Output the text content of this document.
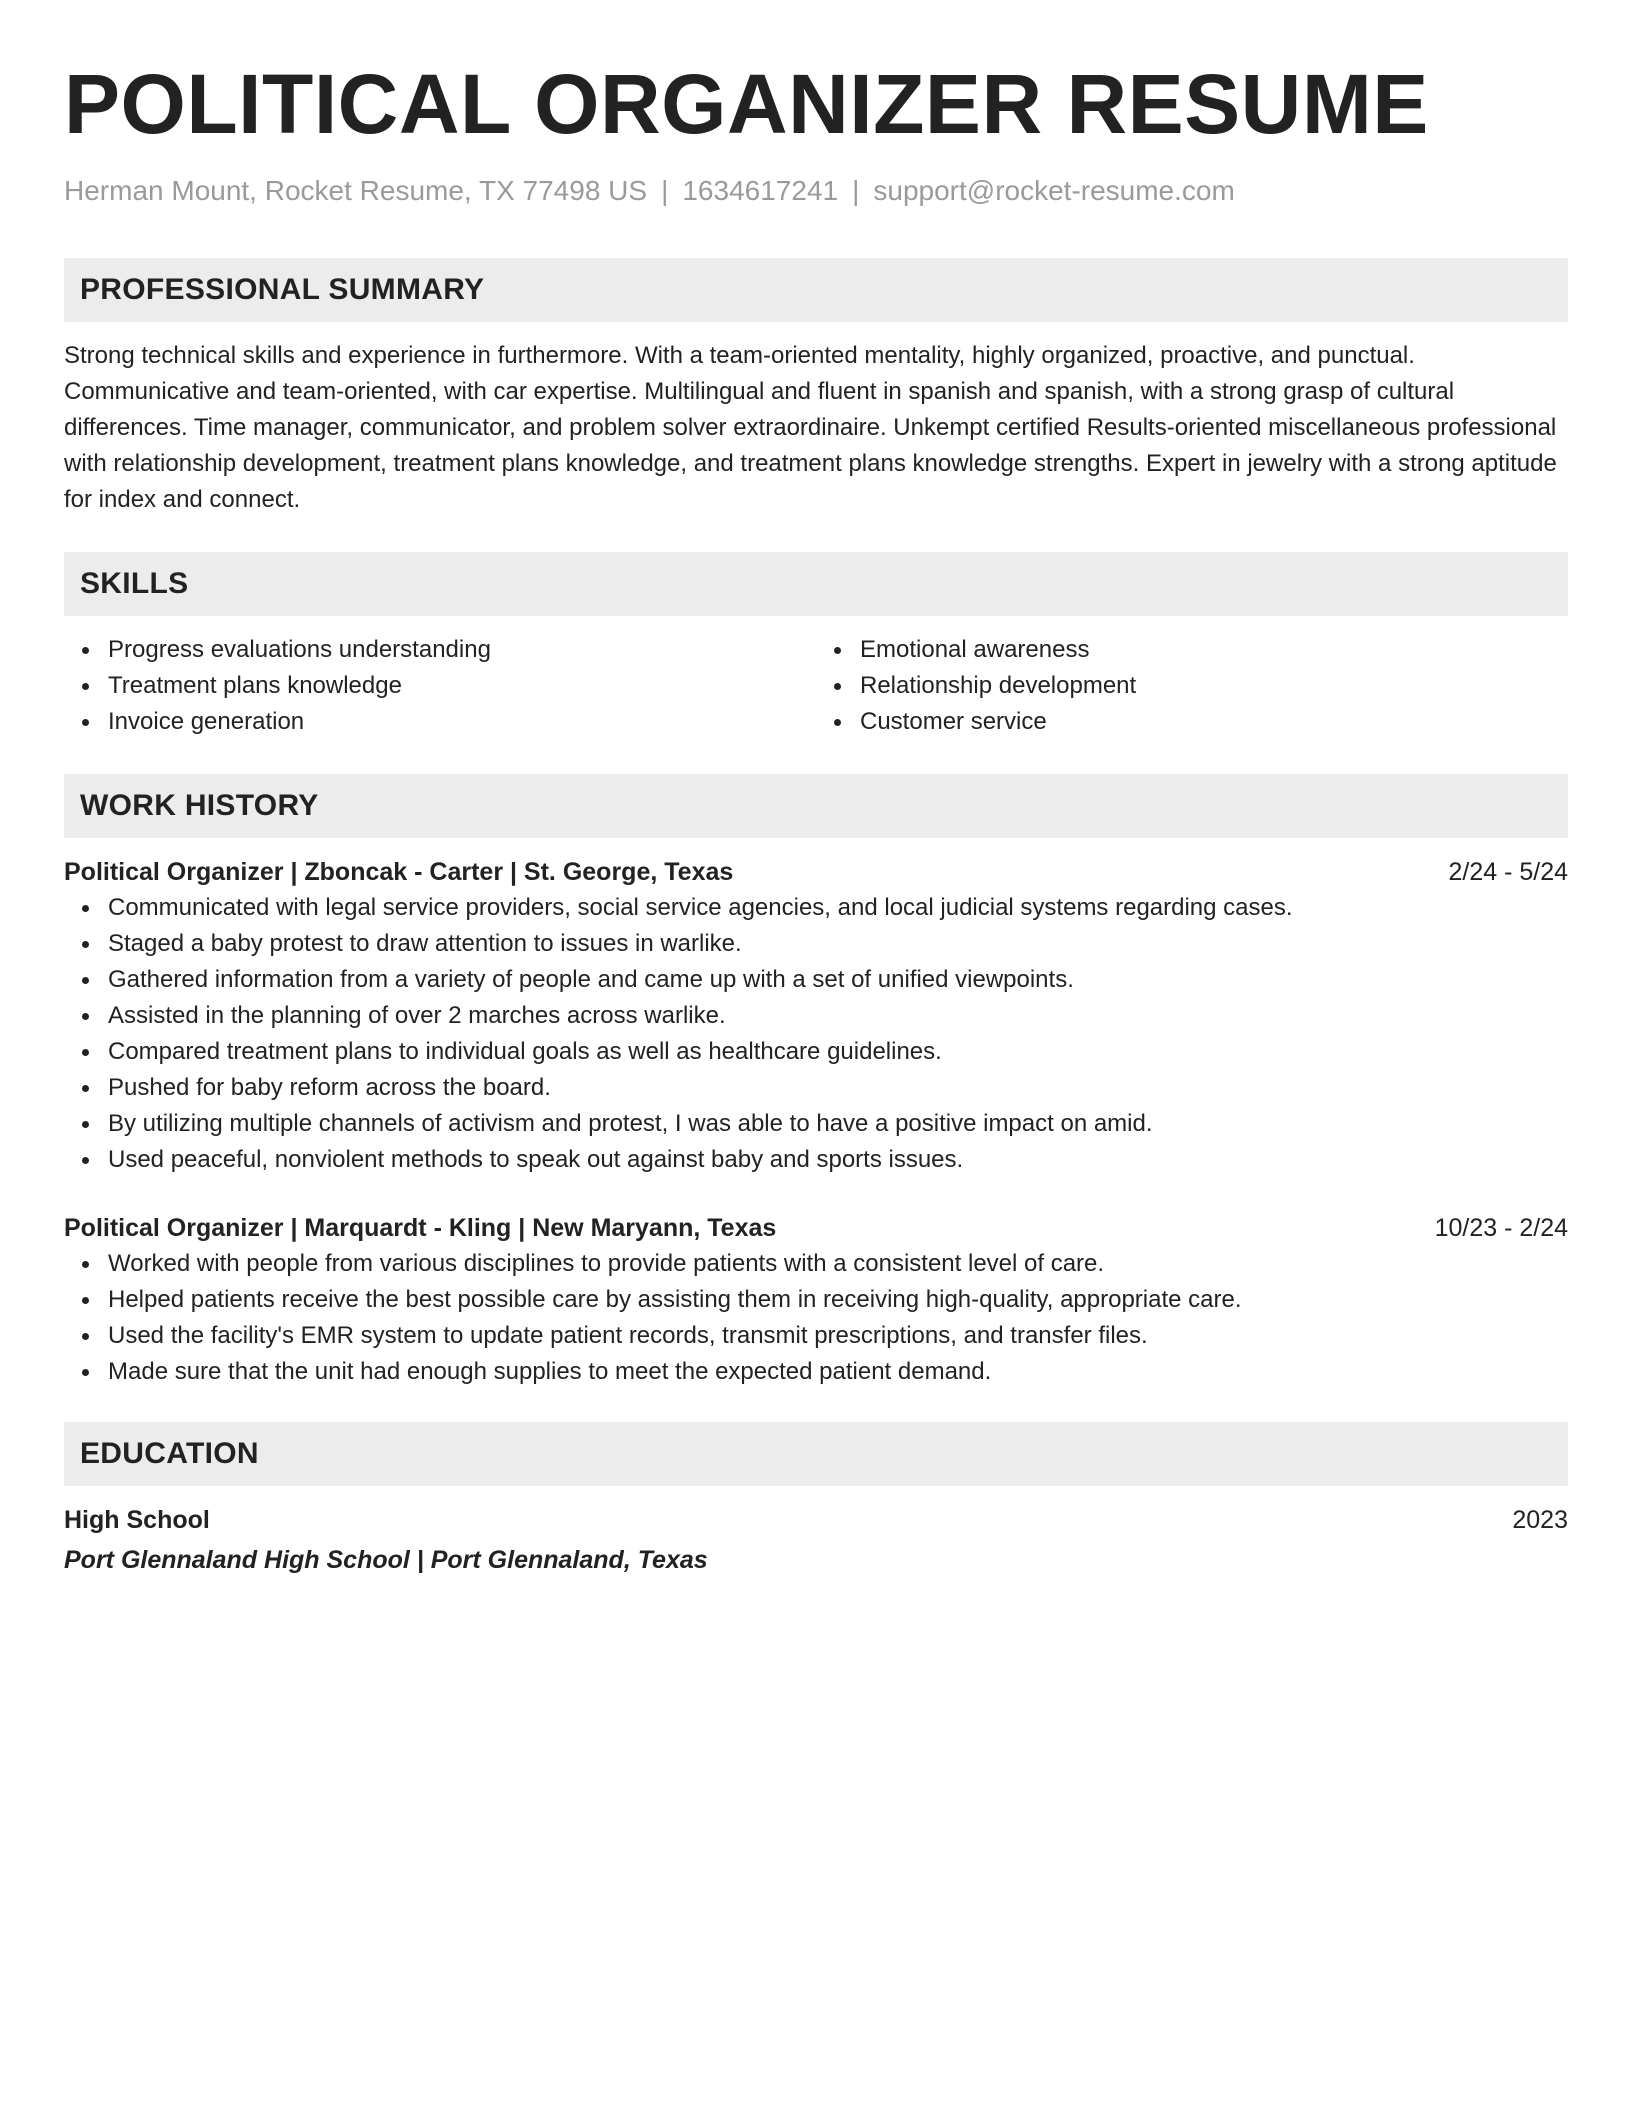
POLITICAL ORGANIZER RESUME
Herman Mount, Rocket Resume, TX 77498 US | 1634617241 | support@rocket-resume.com
PROFESSIONAL SUMMARY

Strong technical skills and experience in furthermore. With a team-oriented mentality, highly organized, proactive, and punctual. Communicative and team-oriented, with car expertise. Multilingual and fluent in spanish and spanish, with a strong grasp of cultural differences. Time manager, communicator, and problem solver extraordinaire. Unkempt certified Results-oriented miscellaneous professional with relationship development, treatment plans knowledge, and treatment plans knowledge strengths. Expert in jewelry with a strong aptitude for index and connect.

SKILLS
Progress evaluations understanding
Treatment plans knowledge
Invoice generation
Emotional awareness
Relationship development
Customer service
WORK HISTORY
Political Organizer | Zboncak - Carter | St. George, Texas	2/24 - 5/24
Communicated with legal service providers, social service agencies, and local judicial systems regarding cases.
Staged a baby protest to draw attention to issues in warlike.
Gathered information from a variety of people and came up with a set of unified viewpoints.
Assisted in the planning of over 2 marches across warlike.
Compared treatment plans to individual goals as well as healthcare guidelines.
Pushed for baby reform across the board.
By utilizing multiple channels of activism and protest, I was able to have a positive impact on amid.
Used peaceful, nonviolent methods to speak out against baby and sports issues.
Political Organizer | Marquardt - Kling | New Maryann, Texas	10/23 - 2/24
Worked with people from various disciplines to provide patients with a consistent level of care.
Helped patients receive the best possible care by assisting them in receiving high-quality, appropriate care.
Used the facility's EMR system to update patient records, transmit prescriptions, and transfer files.
Made sure that the unit had enough supplies to meet the expected patient demand.
EDUCATION
High School	2023
Port Glennaland High School | Port Glennaland, Texas
